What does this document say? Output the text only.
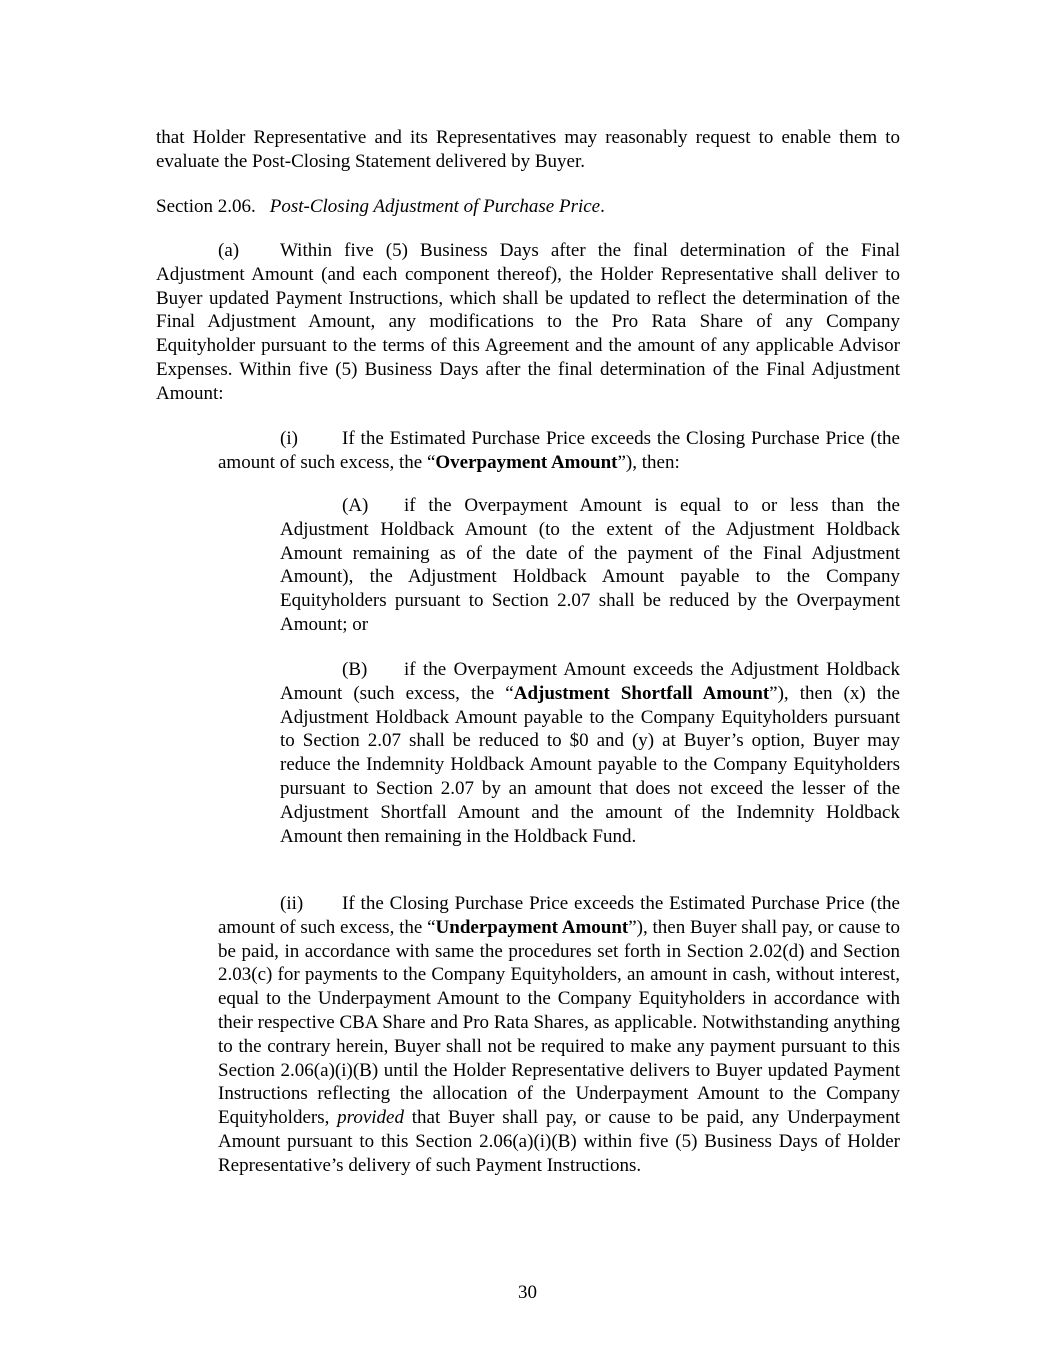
that Holder Representative and its Representatives may reasonably request to enable them to evaluate the Post-Closing Statement delivered by Buyer.

Section 2.06. Post-Closing Adjustment of Purchase Price.

(a) Within five (5) Business Days after the final determination of the Final Adjustment Amount (and each component thereof), the Holder Representative shall deliver to Buyer updated Payment Instructions, which shall be updated to reflect the determination of the Final Adjustment Amount, any modifications to the Pro Rata Share of any Company Equityholder pursuant to the terms of this Agreement and the amount of any applicable Advisor Expenses. Within five (5) Business Days after the final determination of the Final Adjustment Amount:

(i) If the Estimated Purchase Price exceeds the Closing Purchase Price (the amount of such excess, the “Overpayment Amount”), then:

(A) if the Overpayment Amount is equal to or less than the Adjustment Holdback Amount (to the extent of the Adjustment Holdback Amount remaining as of the date of the payment of the Final Adjustment Amount), the Adjustment Holdback Amount payable to the Company Equityholders pursuant to Section 2.07 shall be reduced by the Overpayment Amount; or

(B) if the Overpayment Amount exceeds the Adjustment Holdback Amount (such excess, the “Adjustment Shortfall Amount”), then (x) the Adjustment Holdback Amount payable to the Company Equityholders pursuant to Section 2.07 shall be reduced to $0 and (y) at Buyer’s option, Buyer may reduce the Indemnity Holdback Amount payable to the Company Equityholders pursuant to Section 2.07 by an amount that does not exceed the lesser of the Adjustment Shortfall Amount and the amount of the Indemnity Holdback Amount then remaining in the Holdback Fund.

(ii) If the Closing Purchase Price exceeds the Estimated Purchase Price (the amount of such excess, the “Underpayment Amount”), then Buyer shall pay, or cause to be paid, in accordance with same the procedures set forth in Section 2.02(d) and Section 2.03(c) for payments to the Company Equityholders, an amount in cash, without interest, equal to the Underpayment Amount to the Company Equityholders in accordance with their respective CBA Share and Pro Rata Shares, as applicable. Notwithstanding anything to the contrary herein, Buyer shall not be required to make any payment pursuant to this Section 2.06(a)(i)(B) until the Holder Representative delivers to Buyer updated Payment Instructions reflecting the allocation of the Underpayment Amount to the Company Equityholders, provided that Buyer shall pay, or cause to be paid, any Underpayment Amount pursuant to this Section 2.06(a)(i)(B) within five (5) Business Days of Holder Representative’s delivery of such Payment Instructions.

30
